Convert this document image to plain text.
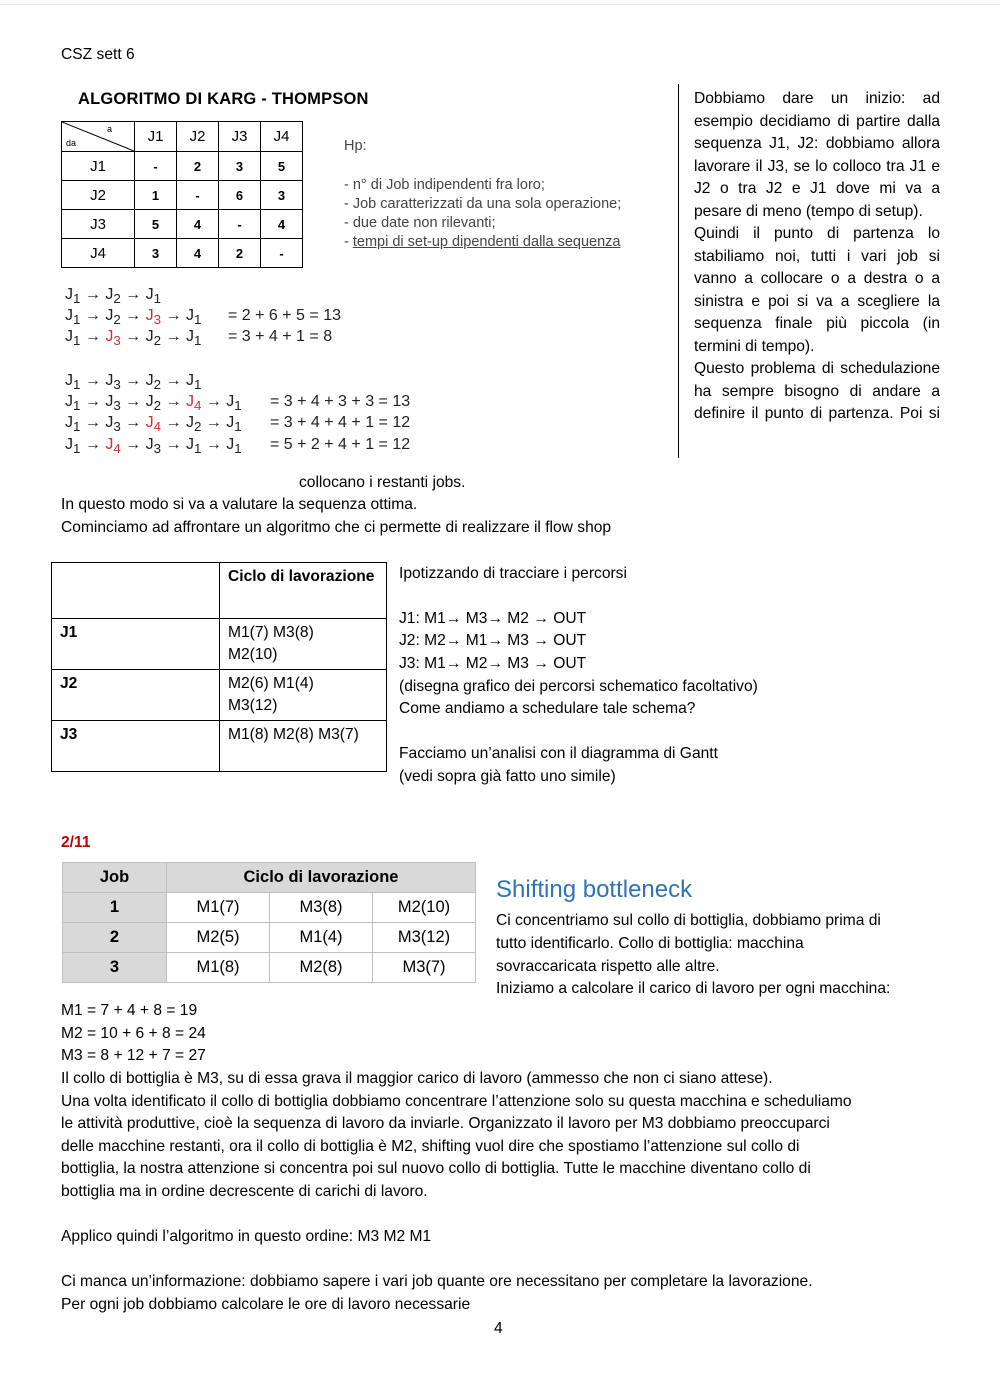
CSZ sett 6
ALGORITMO DI KARG - THOMPSON
a
da	J1	J2	J3	J4
J1	-	2	3	5
J2	1	-	6	3
J3	5	4	-	4
J4	3	4	2	-
Hp:
- n° di Job indipendenti fra loro;
- Job caratterizzati da una sola operazione;
- due date non rilevanti;
- tempi di set-up dipendenti dalla sequenza
$J_1 \to J_2 \to J_1$
$J_1 \to J_2 \to J_3 \to J_1 = 2 + 6 + 5 = 13$
$J_1 \to J_3 \to J_2 \to J_1 = 3 + 4 + 1 = 8$
$J_1 \to J_3 \to J_2 \to J_1$
$J_1 \to J_3 \to J_2 \to J_4 \to J_1 = 3 + 4 + 3 + 3 = 13$
$J_1 \to J_3 \to J_4 \to J_2 \to J_1 = 3 + 4 + 4 + 1 = 12$
$J_1 \to J_4 \to J_3 \to J_1 \to J_1 = 5 + 2 + 4 + 1 = 12$

Dobbiamo dare un inizio: ad esempio decidiamo di partire dalla sequenza J1, J2: dobbiamo allora lavorare il J3, se lo colloco tra J1 e J2 o tra J2 e J1 dove mi va a pesare di meno (tempo di setup).

Quindi il punto di partenza lo stabiliamo noi, tutti i vari job si vanno a collocare o a destra o a sinistra e poi si va a scegliere la sequenza finale più piccola (in termini di tempo).

Questo problema di schedulazione ha sempre bisogno di andare a definire il punto di partenza. Poi si

collocano i restanti jobs.
In questo modo si va a valutare la sequenza ottima.
Cominciamo ad affrontare un algoritmo che ci permette di realizzare il flow shop
	Ciclo di lavorazione
J1	M1(7) M3(8)
M2(10)

J2	M2(6) M1(4)
M3(12)

J3	M1(8) M2(8) M3(7)
Ipotizzando di tracciare i percorsi
J1: M1→ M3→ M2 → OUT
J2: M2→ M1→ M3 → OUT
J3: M1→ M2→ M3 → OUT
(disegna grafico dei percorsi schematico facoltativo)
Come andiamo a schedulare tale schema?
Facciamo un’analisi con il diagramma di Gantt
(vedi sopra già fatto uno simile)
2/11
Job	Ciclo di lavorazione		
1	M1(7)	M3(8)	M2(10)
2	M2(5)	M1(4)	M3(12)
3	M1(8)	M2(8)	M3(7)
Shifting bottleneck
Ci concentriamo sul collo di bottiglia, dobbiamo prima di
tutto identificarlo. Collo di bottiglia: macchina
sovraccaricata rispetto alle altre.
Iniziamo a calcolare il carico di lavoro per ogni macchina:
M1 = 7 + 4 + 8 = 19
M2 = 10 + 6 + 8 = 24
M3 = 8 + 12 + 7 = 27
Il collo di bottiglia è M3, su di essa grava il maggior carico di lavoro (ammesso che non ci siano attese).
Una volta identificato il collo di bottiglia dobbiamo concentrare l’attenzione solo su questa macchina e scheduliamo
le attività produttive, cioè la sequenza di lavoro da inviarle. Organizzato il lavoro per M3 dobbiamo preoccuparci
delle macchine restanti, ora il collo di bottiglia è M2, shifting vuol dire che spostiamo l’attenzione sul collo di
bottiglia, la nostra attenzione si concentra poi sul nuovo collo di bottiglia. Tutte le macchine diventano collo di
bottiglia ma in ordine decrescente di carichi di lavoro.
Applico quindi l’algoritmo in questo ordine: M3 M2 M1
Ci manca un’informazione: dobbiamo sapere i vari job quante ore necessitano per completare la lavorazione.
Per ogni job dobbiamo calcolare le ore di lavoro necessarie
4
